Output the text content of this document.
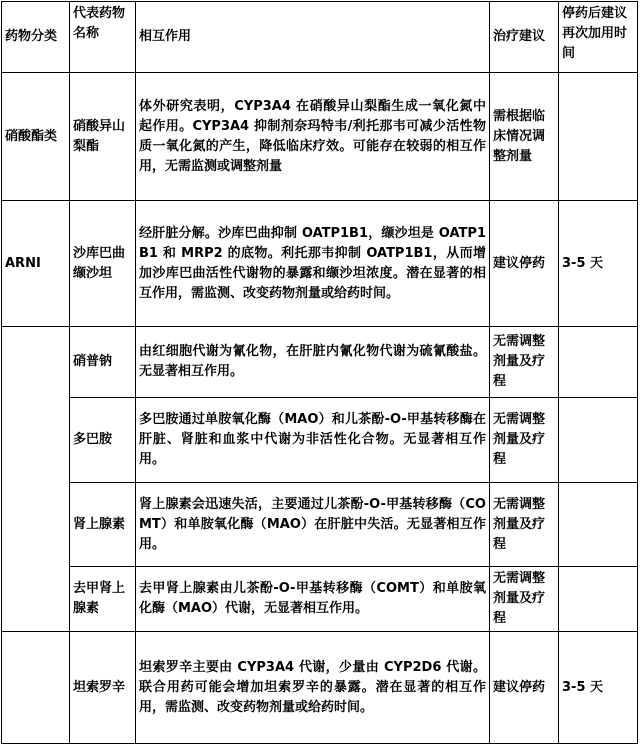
药物分类	代表药物名称	相互作用	治疗建议	停药后建议再次加用时间
硝酸酯类	硝酸异山梨酯	体外研究表明，CYP3A4 在硝酸异山梨酯生成一氧化氮中起作用。CYP3A4 抑制剂奈玛特韦/利托那韦可减少活性物质一氧化氮的产生，降低临床疗效。可能存在较弱的相互作用，无需监测或调整剂量	需根据临床情况调整剂量	
ARNI	沙库巴曲缬沙坦	经肝脏分解。沙库巴曲抑制 OATP1B1，缬沙坦是 OATP1B1 和 MRP2 的底物。利托那韦抑制 OATP1B1，从而增加沙库巴曲活性代谢物的暴露和缬沙坦浓度。潜在显著的相互作用，需监测、改变药物剂量或给药时间。	建议停药	3-5 天
	硝普钠	由红细胞代谢为氰化物，在肝脏内氰化物代谢为硫氰酸盐。无显著相互作用。	无需调整剂量及疗程	
	多巴胺	多巴胺通过单胺氧化酶（MAO）和儿茶酚-O-甲基转移酶在肝脏、肾脏和血浆中代谢为非活性化合物。无显著相互作用。	无需调整剂量及疗程	
	肾上腺素	肾上腺素会迅速失活，主要通过儿茶酚-O-甲基转移酶（COMT）和单胺氧化酶（MAO）在肝脏中失活。无显著相互作用。	无需调整剂量及疗程	
	去甲肾上腺素	去甲肾上腺素由儿茶酚-O-甲基转移酶（COMT）和单胺氧化酶（MAO）代谢，无显著相互作用。	无需调整剂量及疗程	
	坦索罗辛	坦索罗辛主要由 CYP3A4 代谢，少量由 CYP2D6 代谢。联合用药可能会增加坦索罗辛的暴露。潜在显著的相互作用，需监测、改变药物剂量或给药时间。	建议停药	3-5 天
